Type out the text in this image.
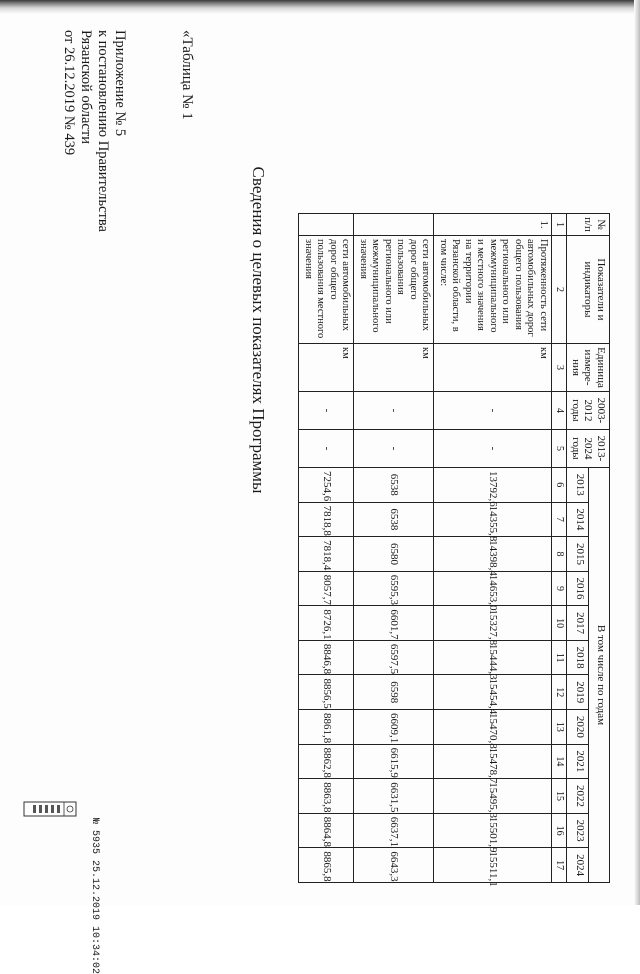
Приложение № 5
к постановлению Правительства
Рязанской области
от 26.12.2019 № 439	«Таблица № 1
Сведения о целевых показателях Программы	№ п/п	Показатели и индикаторы	Единица измере-ния	2003-2012 годы	2013-2024 годы	В том числе по годам											
					2013	2014	2015	2016	2017	2018	2019	2020	2021	2022	2023	2024
1	2	3	4	5	6	7	8	9	10	11	12	13	14	15	16	17
1.	Протяженность сети автомобильных дорог общего пользования регионального или межмуниципального и местного значения на территории Рязанской области, в том числе:	км	-	-	13792,6	14355,8	14398,4	14653,0	15327,8	15444,3	15454,4	15470,8	15478,7	15495,3	15501,9	15511,1
	сети автомобильных дорог общего пользования регионального или межмуниципального значения	км	-	-	6538	6538	6580	6595,3	6601,7	6597,5	6598	6609,1	6615,9	6631,5	6637,1	6643,3
	сети автомобильных дорог общего пользования местного значения	км	-	-	7254,6	7818,8	7818,4	8057,7	8726,1	8846,8	8856,5	8861,8	8862,8	8863,8	8864,8	8865,8
№ 5935 25.12.2019 10:34:02
